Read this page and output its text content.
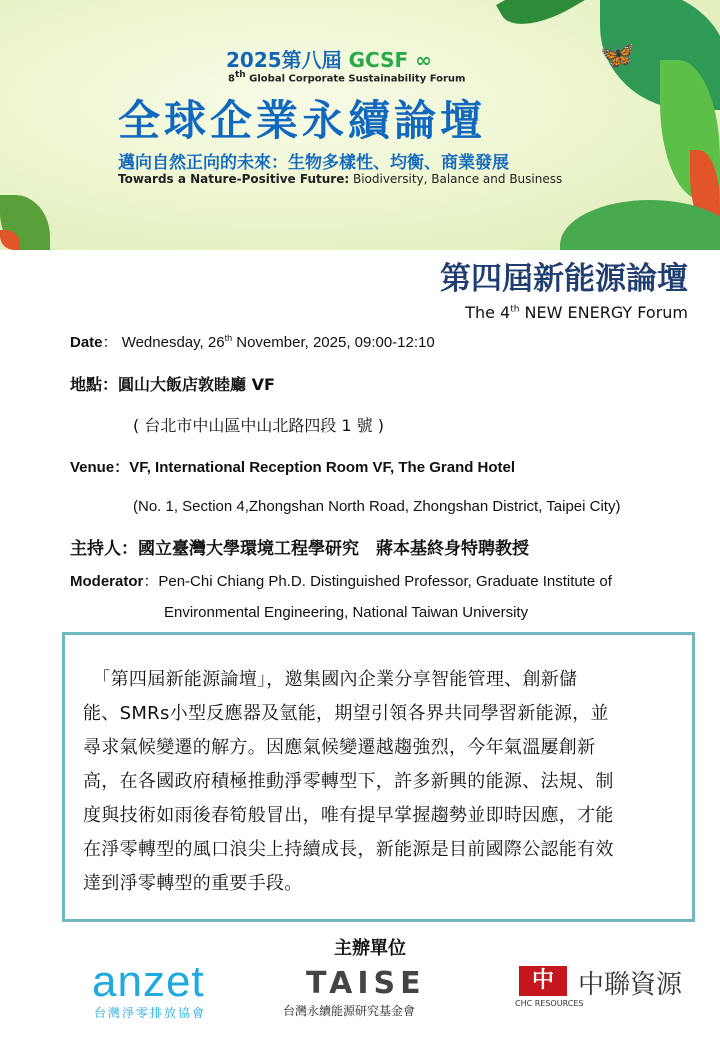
🦋
2025第八屆 GCSF ∞
8th Global Corporate Sustainability Forum
全球企業永續論壇
邁向自然正向的未來：生物多樣性、均衡、商業發展
Towards a Nature-Positive Future: Biodiversity, Balance and Business
第四屆新能源論壇
The 4th NEW ENERGY Forum
Date： Wednesday, 26th November, 2025, 09:00-12:10
地點：圓山大飯店敦睦廳 VF
( 台北市中山區中山北路四段 1 號 )
Venue：VF, International Reception Room VF, The Grand Hotel
(No. 1, Section 4,Zhongshan North Road, Zhongshan District, Taipei City)
主持人：國立臺灣大學環境工程學研究　蔣本基終身特聘教授
Moderator：Pen-Chi Chiang Ph.D. Distinguished Professor, Graduate Institute of
Environmental Engineering, National Taiwan University
　「第四屆新能源論壇」，邀集國內企業分享智能管理、創新儲
能、SMRs小型反應器及氫能，期望引領各界共同學習新能源，並
尋求氣候變遷的解方。因應氣候變遷越趨強烈，今年氣溫屢創新
高，在各國政府積極推動淨零轉型下，許多新興的能源、法規、制
度與技術如雨後春筍般冒出，唯有提早掌握趨勢並即時因應，才能
在淨零轉型的風口浪尖上持續成長，新能源是目前國際公認能有效
達到淨零轉型的重要手段。
主辦單位
anzet
台灣淨零排放協會
TAISE
台灣永續能源研究基金會
中 中聯資源
CHC RESOURCES
